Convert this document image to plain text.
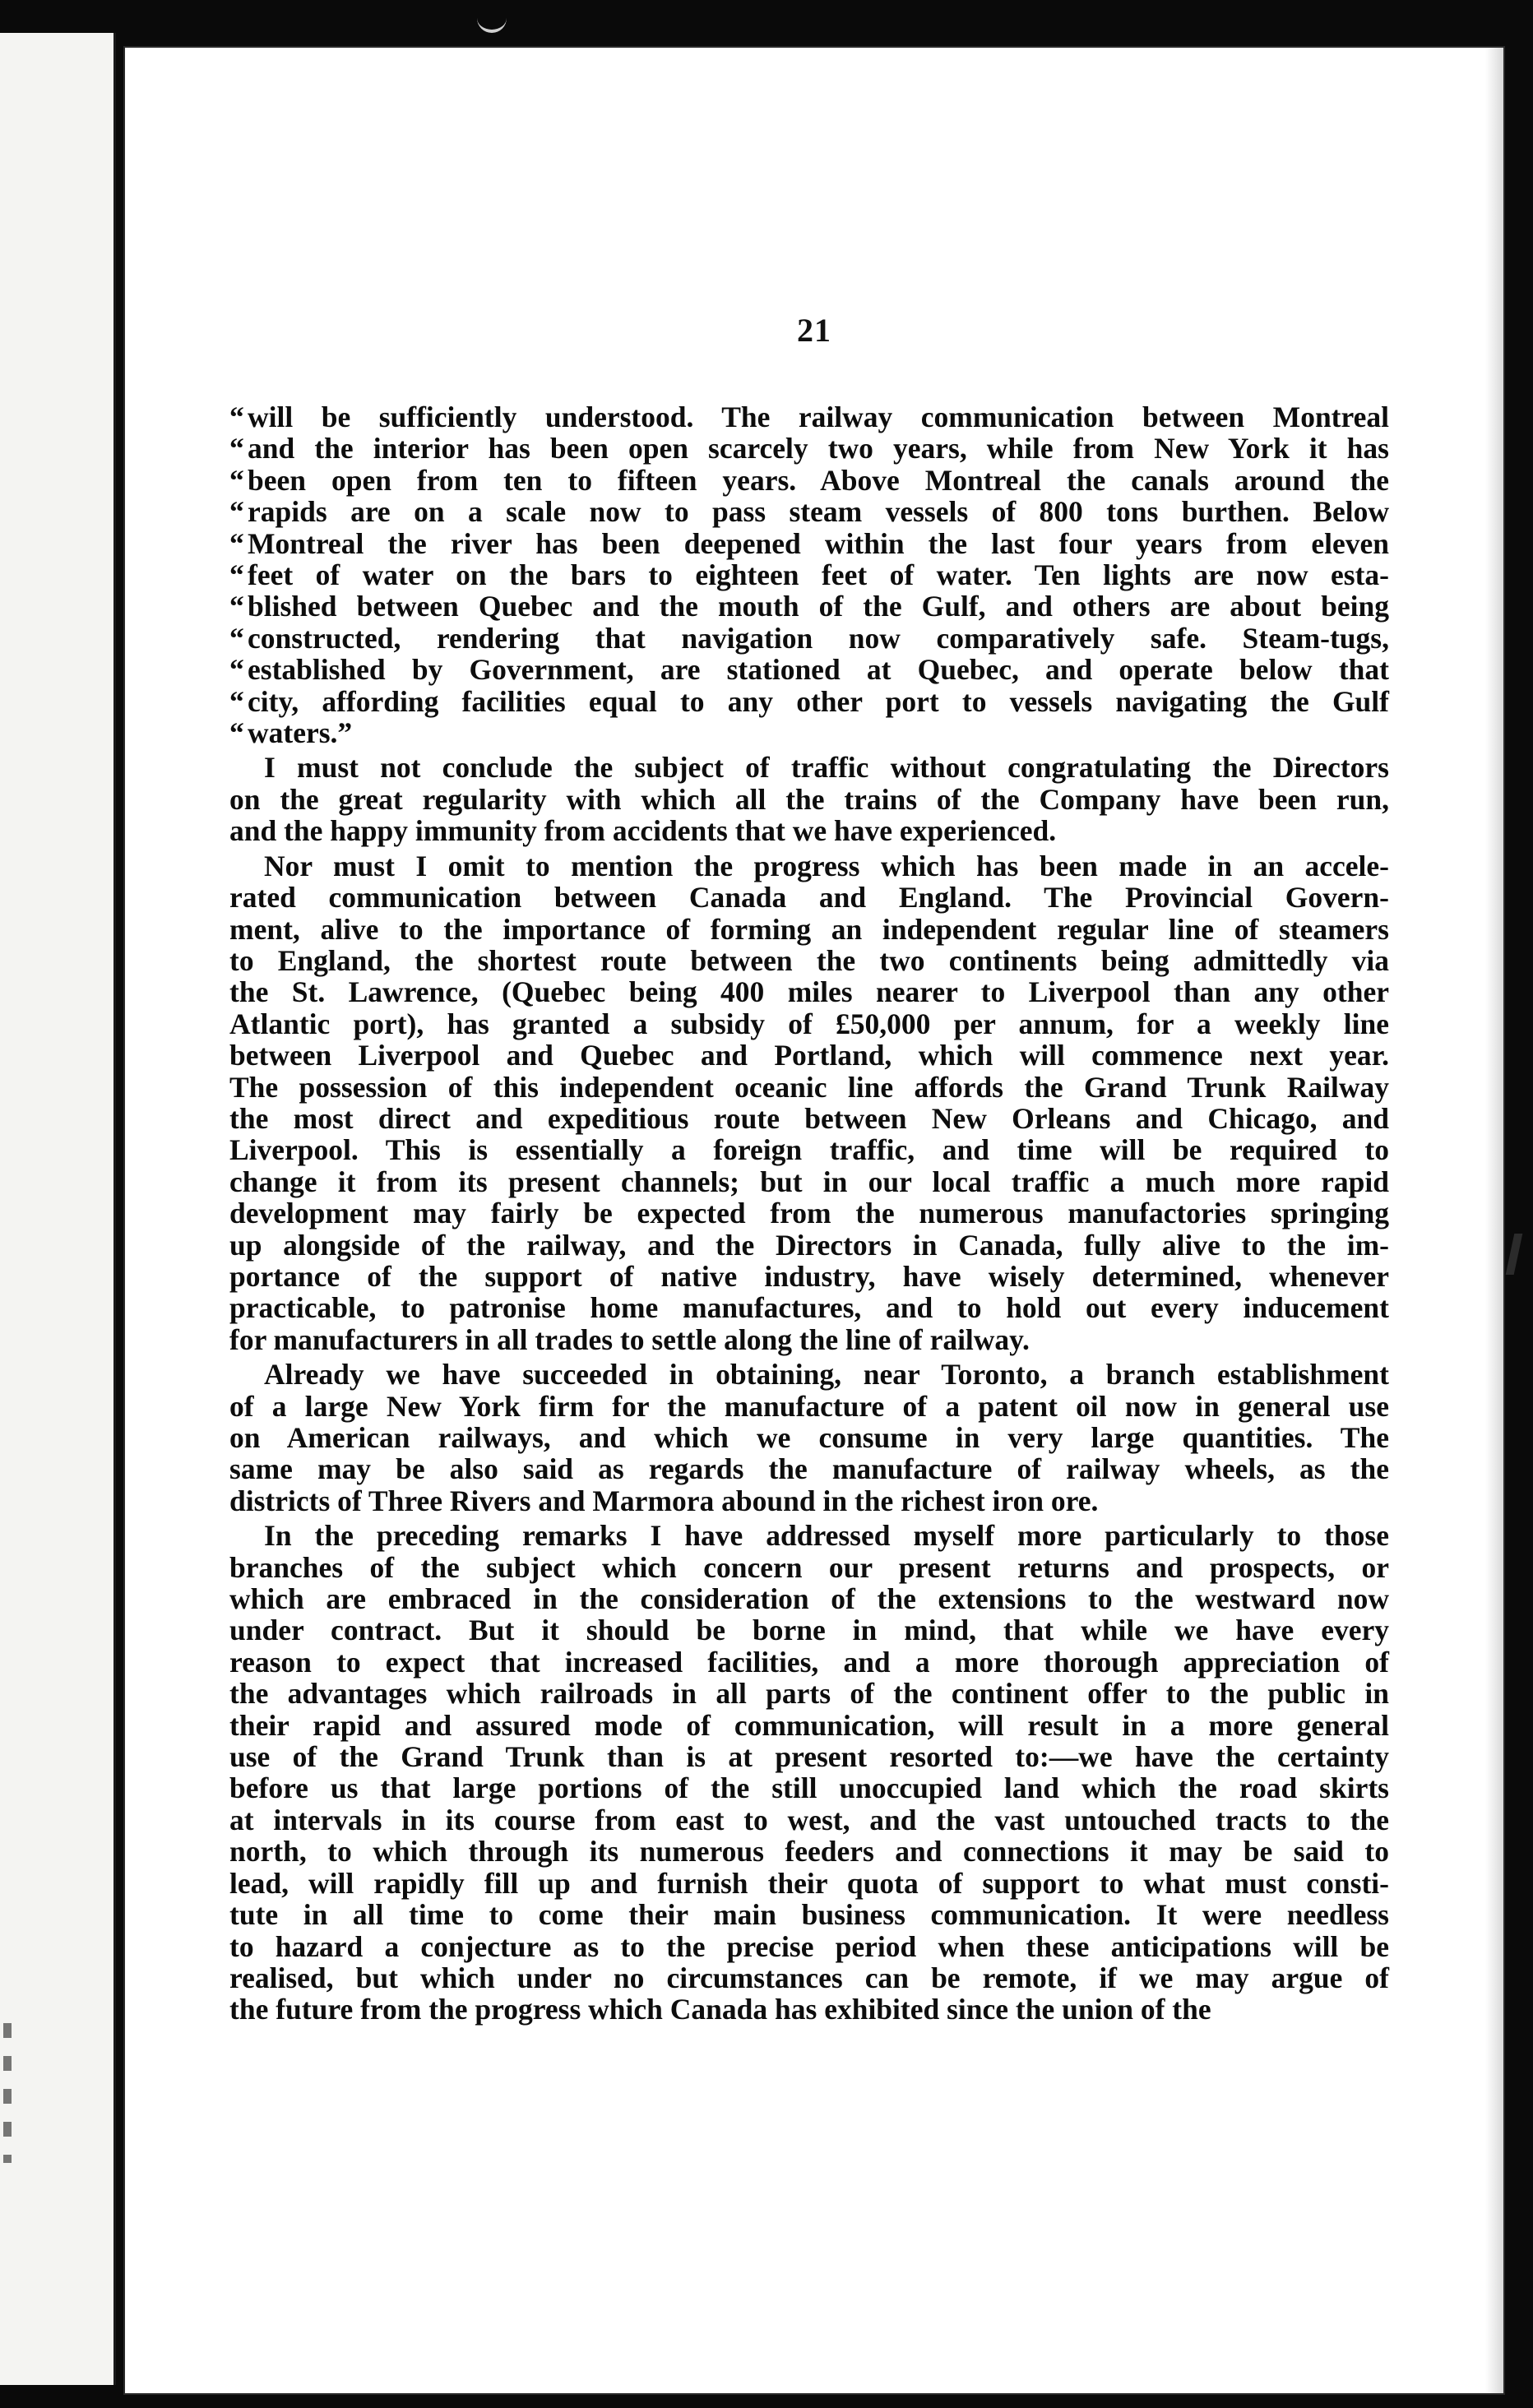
21
“ will be sufficiently understood. The railway communication between Montreal
“ and the interior has been open scarcely two years, while from New York it has
“ been open from ten to fifteen years. Above Montreal the canals around the
“ rapids are on a scale now to pass steam vessels of 800 tons burthen. Below
“ Montreal the river has been deepened within the last four years from eleven
“ feet of water on the bars to eighteen feet of water. Ten lights are now esta-
“ blished between Quebec and the mouth of the Gulf, and others are about being
“ constructed, rendering that navigation now comparatively safe. Steam-tugs,
“ established by Government, are stationed at Quebec, and operate below that
“ city, affording facilities equal to any other port to vessels navigating the Gulf
“ waters.”
I must not conclude the subject of traffic without congratulating the Directors
on the great regularity with which all the trains of the Company have been run,
and the happy immunity from accidents that we have experienced.
Nor must I omit to mention the progress which has been made in an accele-
rated communication between Canada and England. The Provincial Govern-
ment, alive to the importance of forming an independent regular line of steamers
to England, the shortest route between the two continents being admittedly via
the St. Lawrence, (Quebec being 400 miles nearer to Liverpool than any other
Atlantic port), has granted a subsidy of £50,000 per annum, for a weekly line
between Liverpool and Quebec and Portland, which will commence next year.
The possession of this independent oceanic line affords the Grand Trunk Railway
the most direct and expeditious route between New Orleans and Chicago, and
Liverpool. This is essentially a foreign traffic, and time will be required to
change it from its present channels; but in our local traffic a much more rapid
development may fairly be expected from the numerous manufactories springing
up alongside of the railway, and the Directors in Canada, fully alive to the im-
portance of the support of native industry, have wisely determined, whenever
practicable, to patronise home manufactures, and to hold out every inducement
for manufacturers in all trades to settle along the line of railway.
Already we have succeeded in obtaining, near Toronto, a branch establishment
of a large New York firm for the manufacture of a patent oil now in general use
on American railways, and which we consume in very large quantities. The
same may be also said as regards the manufacture of railway wheels, as the
districts of Three Rivers and Marmora abound in the richest iron ore.
In the preceding remarks I have addressed myself more particularly to those
branches of the subject which concern our present returns and prospects, or
which are embraced in the consideration of the extensions to the westward now
under contract. But it should be borne in mind, that while we have every
reason to expect that increased facilities, and a more thorough appreciation of
the advantages which railroads in all parts of the continent offer to the public in
their rapid and assured mode of communication, will result in a more general
use of the Grand Trunk than is at present resorted to:—we have the certainty
before us that large portions of the still unoccupied land which the road skirts
at intervals in its course from east to west, and the vast untouched tracts to the
north, to which through its numerous feeders and connections it may be said to
lead, will rapidly fill up and furnish their quota of support to what must consti-
tute in all time to come their main business communication. It were needless
to hazard a conjecture as to the precise period when these anticipations will be
realised, but which under no circumstances can be remote, if we may argue of
the future from the progress which Canada has exhibited since the union of the
